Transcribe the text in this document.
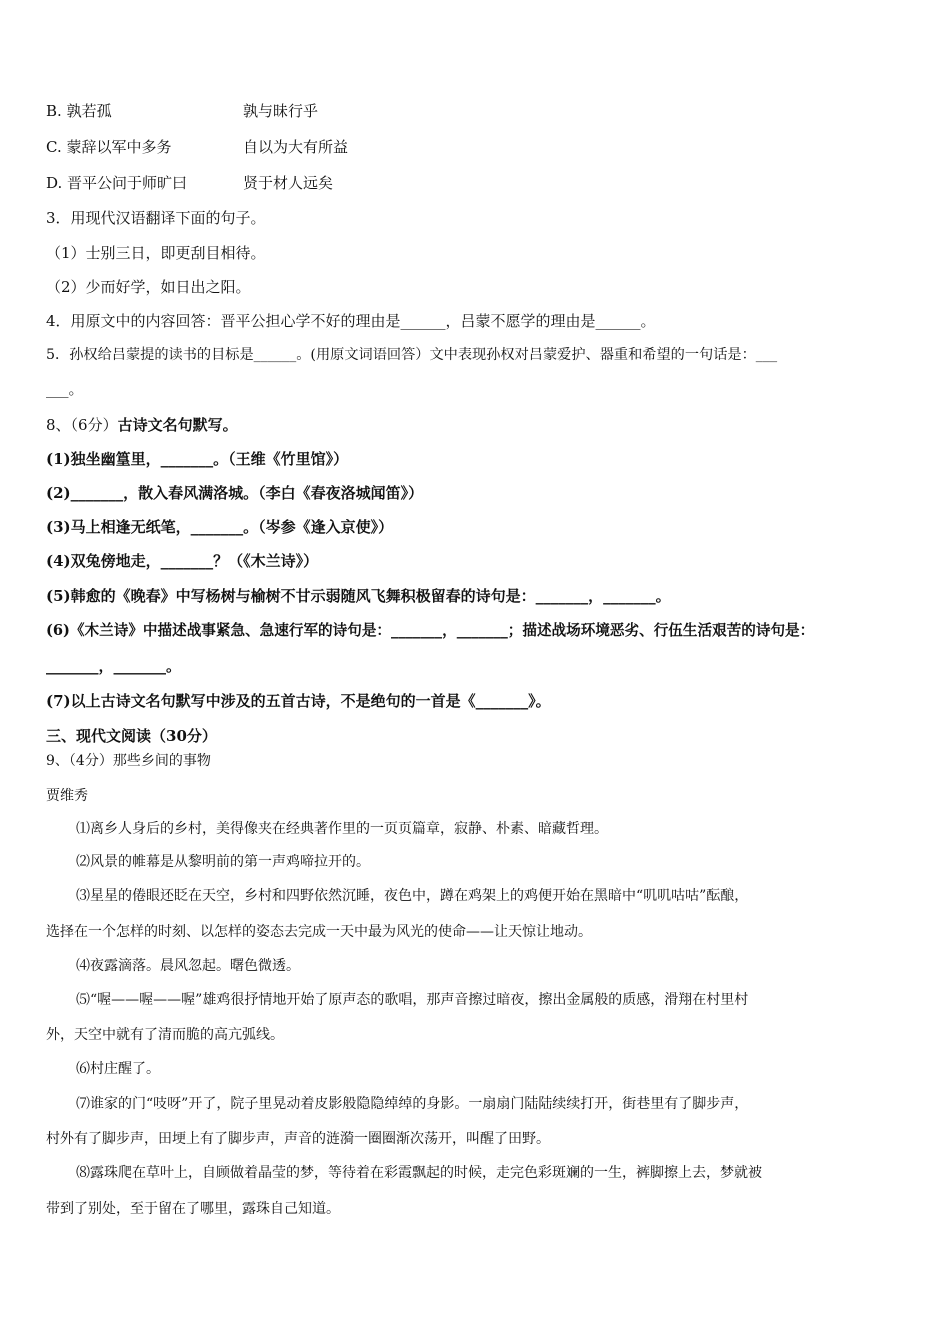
B. 孰若孤	孰与昧行乎
C. 蒙辞以军中多务	自以为大有所益
D. 晋平公问于师旷曰	贤于材人远矣
3．用现代汉语翻译下面的句子。
（1）士别三日，即更刮目相待。
（2）少而好学，如日出之阳。
4．用原文中的内容回答：晋平公担心学不好的理由是______，吕蒙不愿学的理由是______。
5．孙权给吕蒙提的读书的目标是______。(用原文词语回答）文中表现孙权对吕蒙爱护、器重和希望的一句话是：___
___。
8、（6分）古诗文名句默写。
(1)独坐幽篁里，_______。（王维《竹里馆》）
(2)_______，散入春风满洛城。（李白《春夜洛城闻笛》）
(3)马上相逢无纸笔，_______。（岑参《逢入京使》）
(4)双兔傍地走，_______？（《木兰诗》）
(5)韩愈的《晚春》中写杨树与榆树不甘示弱随风飞舞积极留春的诗句是：_______，_______。
(6)《木兰诗》中描述战事紧急、急速行军的诗句是：_______，_______；描述战场环境恶劣、行伍生活艰苦的诗句是：
_______，_______。
(7)以上古诗文名句默写中涉及的五首古诗，不是绝句的一首是《_______》。
三、现代文阅读（30分）
9、（4分）那些乡间的事物
贾维秀
⑴离乡人身后的乡村，美得像夹在经典著作里的一页页篇章，寂静、朴素、暗藏哲理。
⑵风景的帷幕是从黎明前的第一声鸡啼拉开的。
⑶星星的倦眼还眨在天空，乡村和四野依然沉睡，夜色中，蹲在鸡架上的鸡便开始在黑暗中“叽叽咕咕”酝酿，
选择在一个怎样的时刻、以怎样的姿态去完成一天中最为风光的使命——让天惊让地动。
⑷夜露滴落。晨风忽起。曙色微透。
⑸“喔——喔——喔”雄鸡很抒情地开始了原声态的歌唱，那声音擦过暗夜，擦出金属般的质感，滑翔在村里村
外，天空中就有了清而脆的高亢弧线。
⑹村庄醒了。
⑺谁家的门“吱呀”开了，院子里晃动着皮影般隐隐绰绰的身影。一扇扇门陆陆续续打开，街巷里有了脚步声，
村外有了脚步声，田埂上有了脚步声，声音的涟漪一圈圈渐次荡开，叫醒了田野。
⑻露珠爬在草叶上，自顾做着晶莹的梦，等待着在彩霞飘起的时候，走完色彩斑斓的一生，裤脚擦上去，梦就被
带到了别处，至于留在了哪里，露珠自己知道。
